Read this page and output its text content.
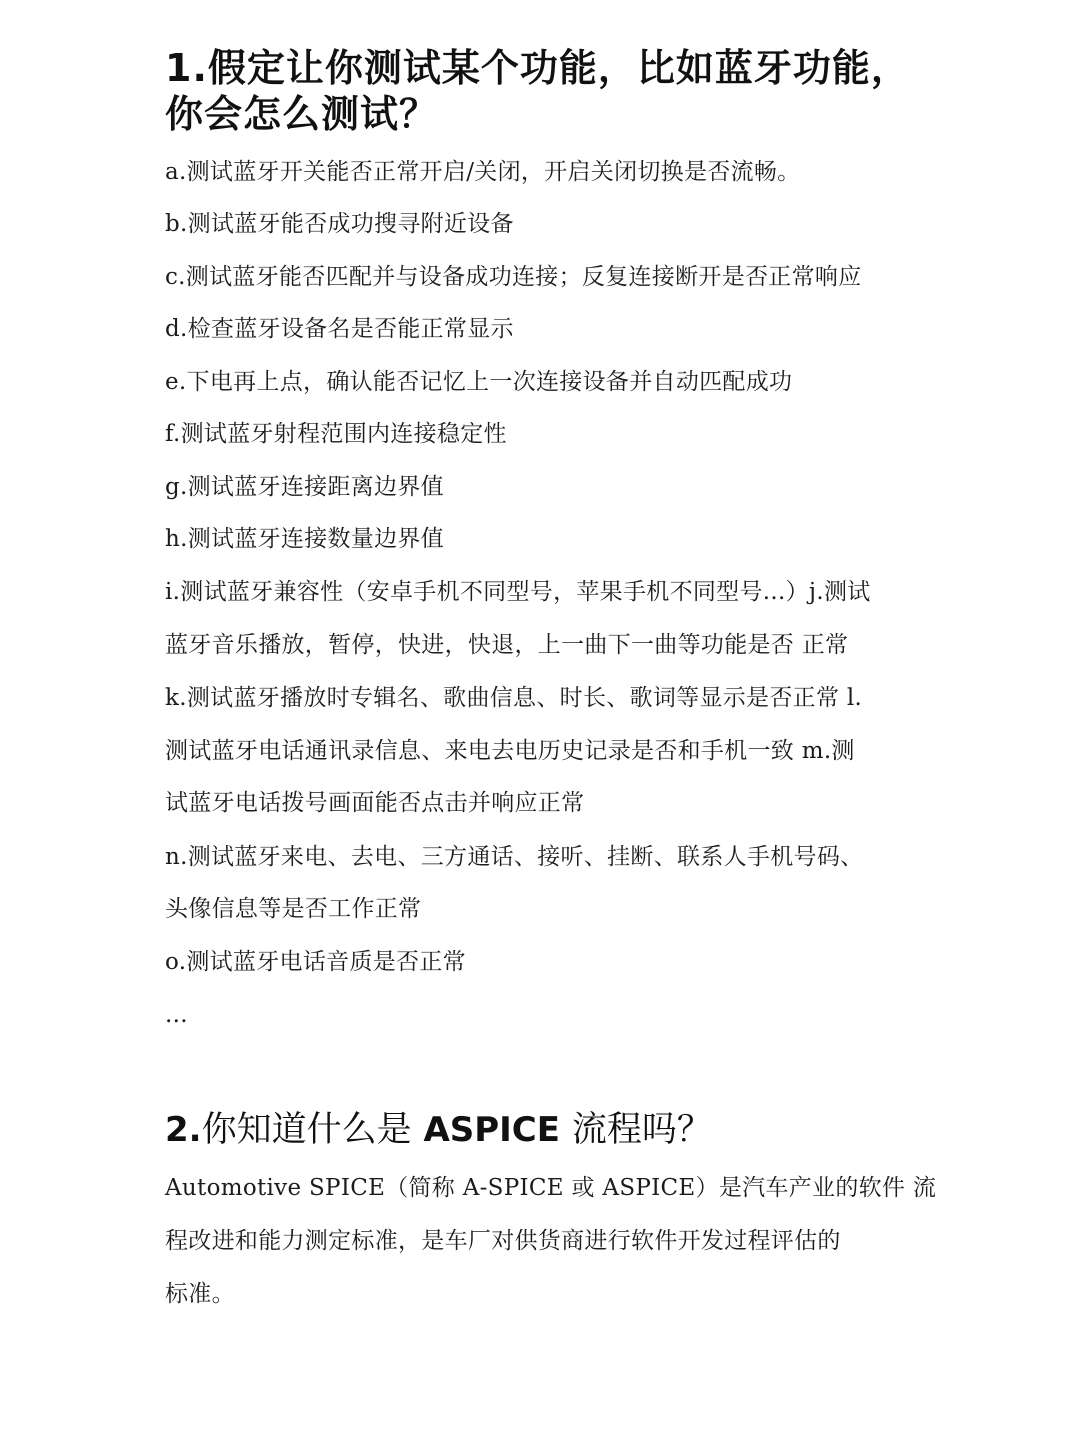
1.假定让你测试某个功能，比如蓝牙功能，
你会怎么测试？

a.测试蓝牙开关能否正常开启/关闭，开启关闭切换是否流畅。

b.测试蓝牙能否成功搜寻附近设备

c.测试蓝牙能否匹配并与设备成功连接；反复连接断开是否正常响应

d.检查蓝牙设备名是否能正常显示

e.下电再上点，确认能否记忆上一次连接设备并自动匹配成功

f.测试蓝牙射程范围内连接稳定性

g.测试蓝牙连接距离边界值

h.测试蓝牙连接数量边界值

i.测试蓝牙兼容性（安卓手机不同型号，苹果手机不同型号...）j.测试

蓝牙音乐播放，暂停，快进，快退，上一曲下一曲等功能是否 正常

k.测试蓝牙播放时专辑名、歌曲信息、时长、歌词等显示是否正常 l.

测试蓝牙电话通讯录信息、来电去电历史记录是否和手机一致 m.测

试蓝牙电话拨号画面能否点击并响应正常

n.测试蓝牙来电、去电、三方通话、接听、挂断、联系人手机号码、

头像信息等是否工作正常

o.测试蓝牙电话音质是否正常

...

2.你知道什么是 ASPICE 流程吗？

Automotive SPICE（简称 A-SPICE 或 ASPICE）是汽车产业的软件 流

程改进和能力测定标准，是车厂对供货商进行软件开发过程评估的

标准。
